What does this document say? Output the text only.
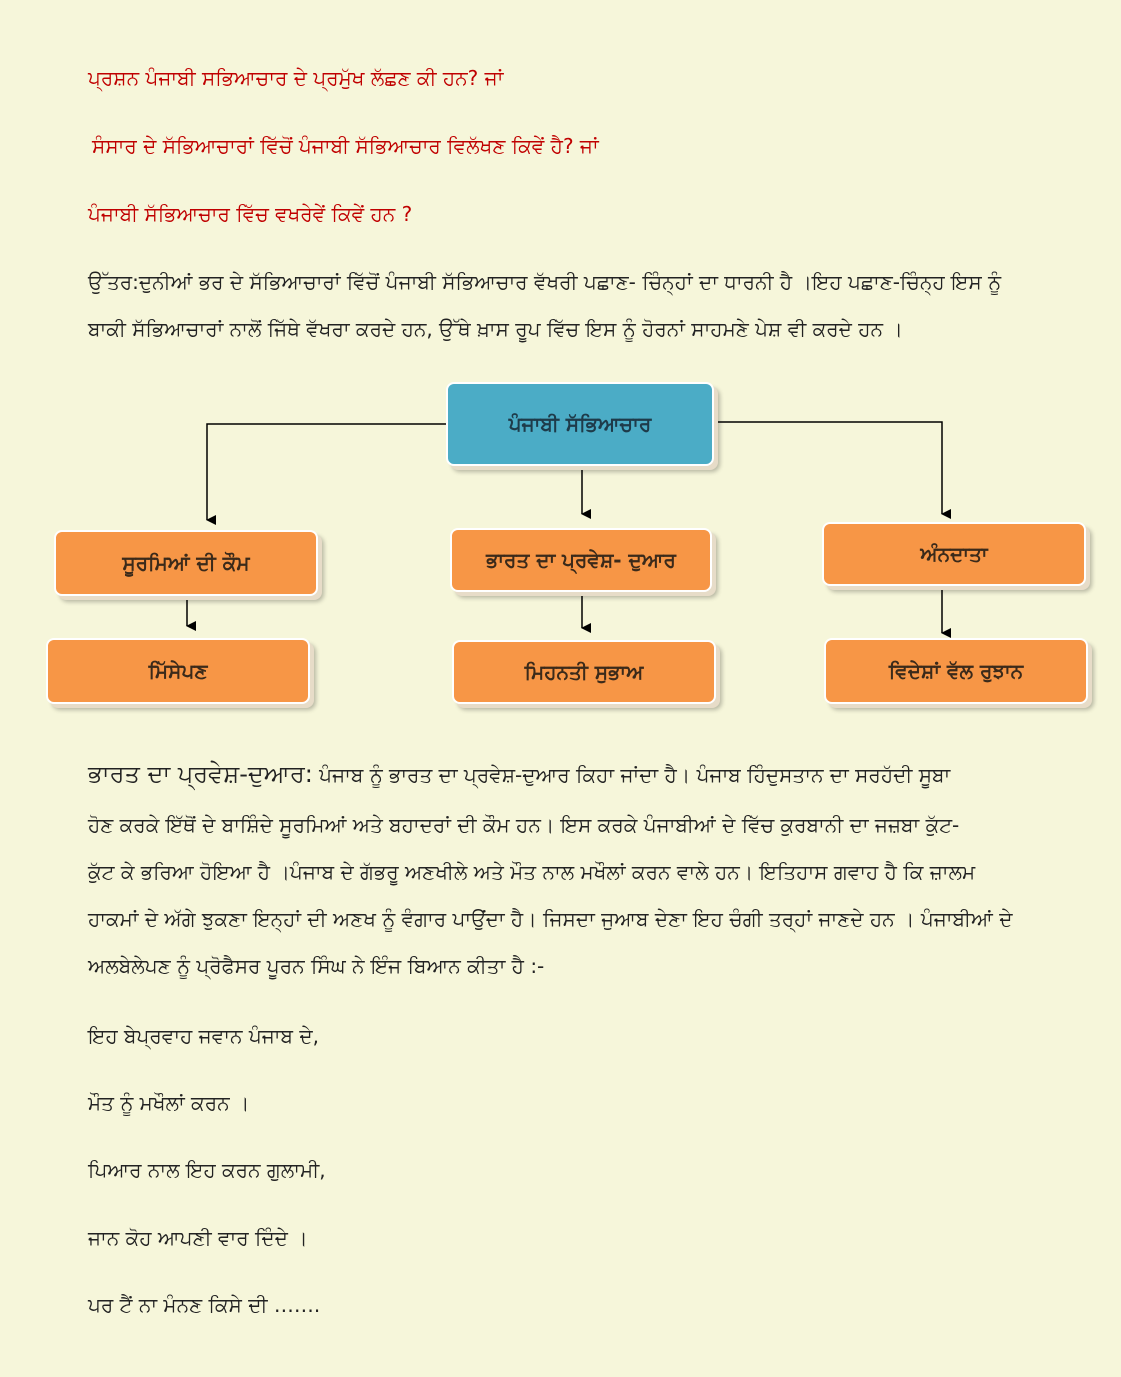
ਪ੍ਰਸ਼ਨ ਪੰਜਾਬੀ ਸਭਿਆਚਾਰ ਦੇ ਪ੍ਰਮੁੱਖ ਲੱਛਣ ਕੀ ਹਨ? ਜਾਂ

ਸੰਸਾਰ ਦੇ ਸੱਭਿਆਚਾਰਾਂ ਵਿੱਚੋਂ ਪੰਜਾਬੀ ਸੱਭਿਆਚਾਰ ਵਿਲੱਖਣ ਕਿਵੇਂ ਹੈ? ਜਾਂ

ਪੰਜਾਬੀ ਸੱਭਿਆਚਾਰ ਵਿੱਚ ਵਖਰੇਵੇਂ ਕਿਵੇਂ ਹਨ ?

ਉੱਤਰ:ਦੁਨੀਆਂ ਭਰ ਦੇ ਸੱਭਿਆਚਾਰਾਂ ਵਿੱਚੋਂ ਪੰਜਾਬੀ ਸੱਭਿਆਚਾਰ ਵੱਖਰੀ ਪਛਾਣ- ਚਿੰਨ੍ਹਾਂ ਦਾ ਧਾਰਨੀ ਹੈ ।ਇਹ ਪਛਾਣ-ਚਿੰਨ੍ਹ ਇਸ ਨੂੰ

ਬਾਕੀ ਸੱਭਿਆਚਾਰਾਂ ਨਾਲੋਂ ਜਿੱਥੇ ਵੱਖਰਾ ਕਰਦੇ ਹਨ, ਉੱਥੇ ਖ਼ਾਸ ਰੂਪ ਵਿੱਚ ਇਸ ਨੂੰ ਹੋਰਨਾਂ ਸਾਹਮਣੇ ਪੇਸ਼ ਵੀ ਕਰਦੇ ਹਨ ।

ਪੰਜਾਬੀ ਸੱਭਿਆਚਾਰ
ਸੂਰਮਿਆਂ ਦੀ ਕੌਮ	ਭਾਰਤ ਦਾ ਪ੍ਰਵੇਸ਼- ਦੁਆਰ	ਅੰਨਦਾਤਾ
ਮਿੱਸੇਪਣ	ਮਿਹਨਤੀ ਸੁਭਾਅ	ਵਿਦੇਸ਼ਾਂ ਵੱਲ ਰੁਝਾਨ

ਭਾਰਤ ਦਾ ਪ੍ਰਵੇਸ਼-ਦੁਆਰ: ਪੰਜਾਬ ਨੂੰ ਭਾਰਤ ਦਾ ਪ੍ਰਵੇਸ਼-ਦੁਆਰ ਕਿਹਾ ਜਾਂਦਾ ਹੈ। ਪੰਜਾਬ ਹਿੰਦੁਸਤਾਨ ਦਾ ਸਰਹੱਦੀ ਸੂਬਾ

ਹੋਣ ਕਰਕੇ ਇੱਥੋਂ ਦੇ ਬਾਸ਼ਿੰਦੇ ਸੂਰਮਿਆਂ ਅਤੇ ਬਹਾਦਰਾਂ ਦੀ ਕੌਮ ਹਨ। ਇਸ ਕਰਕੇ ਪੰਜਾਬੀਆਂ ਦੇ ਵਿੱਚ ਕੁਰਬਾਨੀ ਦਾ ਜਜ਼ਬਾ ਕੁੱਟ-

ਕੁੱਟ ਕੇ ਭਰਿਆ ਹੋਇਆ ਹੈ ।ਪੰਜਾਬ ਦੇ ਗੱਭਰੂ ਅਣਖੀਲੇ ਅਤੇ ਮੌਤ ਨਾਲ ਮਖੌਲਾਂ ਕਰਨ ਵਾਲੇ ਹਨ। ਇਤਿਹਾਸ ਗਵਾਹ ਹੈ ਕਿ ਜ਼ਾਲਮ

ਹਾਕਮਾਂ ਦੇ ਅੱਗੇ ਝੁਕਣਾ ਇਨ੍ਹਾਂ ਦੀ ਅਣਖ ਨੂੰ ਵੰਗਾਰ ਪਾਉਂਦਾ ਹੈ। ਜਿਸਦਾ ਜੁਆਬ ਦੇਣਾ ਇਹ ਚੰਗੀ ਤਰ੍ਹਾਂ ਜਾਣਦੇ ਹਨ । ਪੰਜਾਬੀਆਂ ਦੇ

ਅਲਬੇਲੇਪਣ ਨੂੰ ਪ੍ਰੋਫੈਸਰ ਪੂਰਨ ਸਿੰਘ ਨੇ ਇੰਜ ਬਿਆਨ ਕੀਤਾ ਹੈ :-

ਇਹ ਬੇਪ੍ਰਵਾਹ ਜਵਾਨ ਪੰਜਾਬ ਦੇ,

ਮੌਤ ਨੂੰ ਮਖੌਲਾਂ ਕਰਨ ।

ਪਿਆਰ ਨਾਲ ਇਹ ਕਰਨ ਗੁਲਾਮੀ,

ਜਾਨ ਕੋਹ ਆਪਣੀ ਵਾਰ ਦਿੰਦੇ ।

ਪਰ ਟੈਂ ਨਾ ਮੰਨਣ ਕਿਸੇ ਦੀ …….
